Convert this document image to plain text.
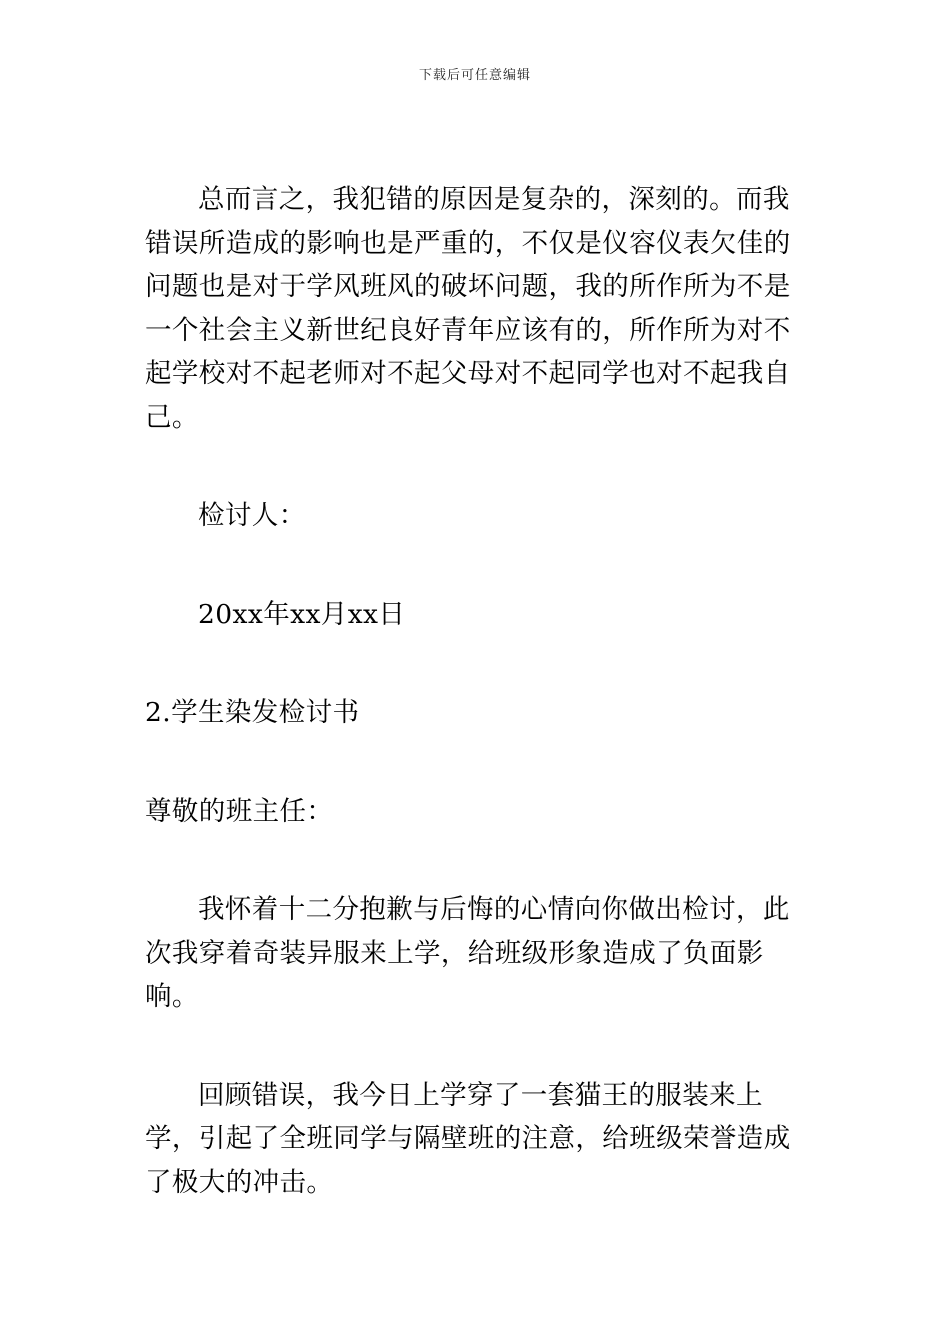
下载后可任意编辑

总而言之，我犯错的原因是复杂的，深刻的。而我错误所造成的影响也是严重的，不仅是仪容仪表欠佳的问题也是对于学风班风的破坏问题，我的所作所为不是一个社会主义新世纪良好青年应该有的，所作所为对不起学校对不起老师对不起父母对不起同学也对不起我自己。

检讨人：

20xx年xx月xx日

2.学生染发检讨书

尊敬的班主任：

我怀着十二分抱歉与后悔的心情向你做出检讨，此次我穿着奇装异服来上学，给班级形象造成了负面影响。

回顾错误，我今日上学穿了一套猫王的服装来上学，引起了全班同学与隔壁班的注意，给班级荣誉造成了极大的冲击。
